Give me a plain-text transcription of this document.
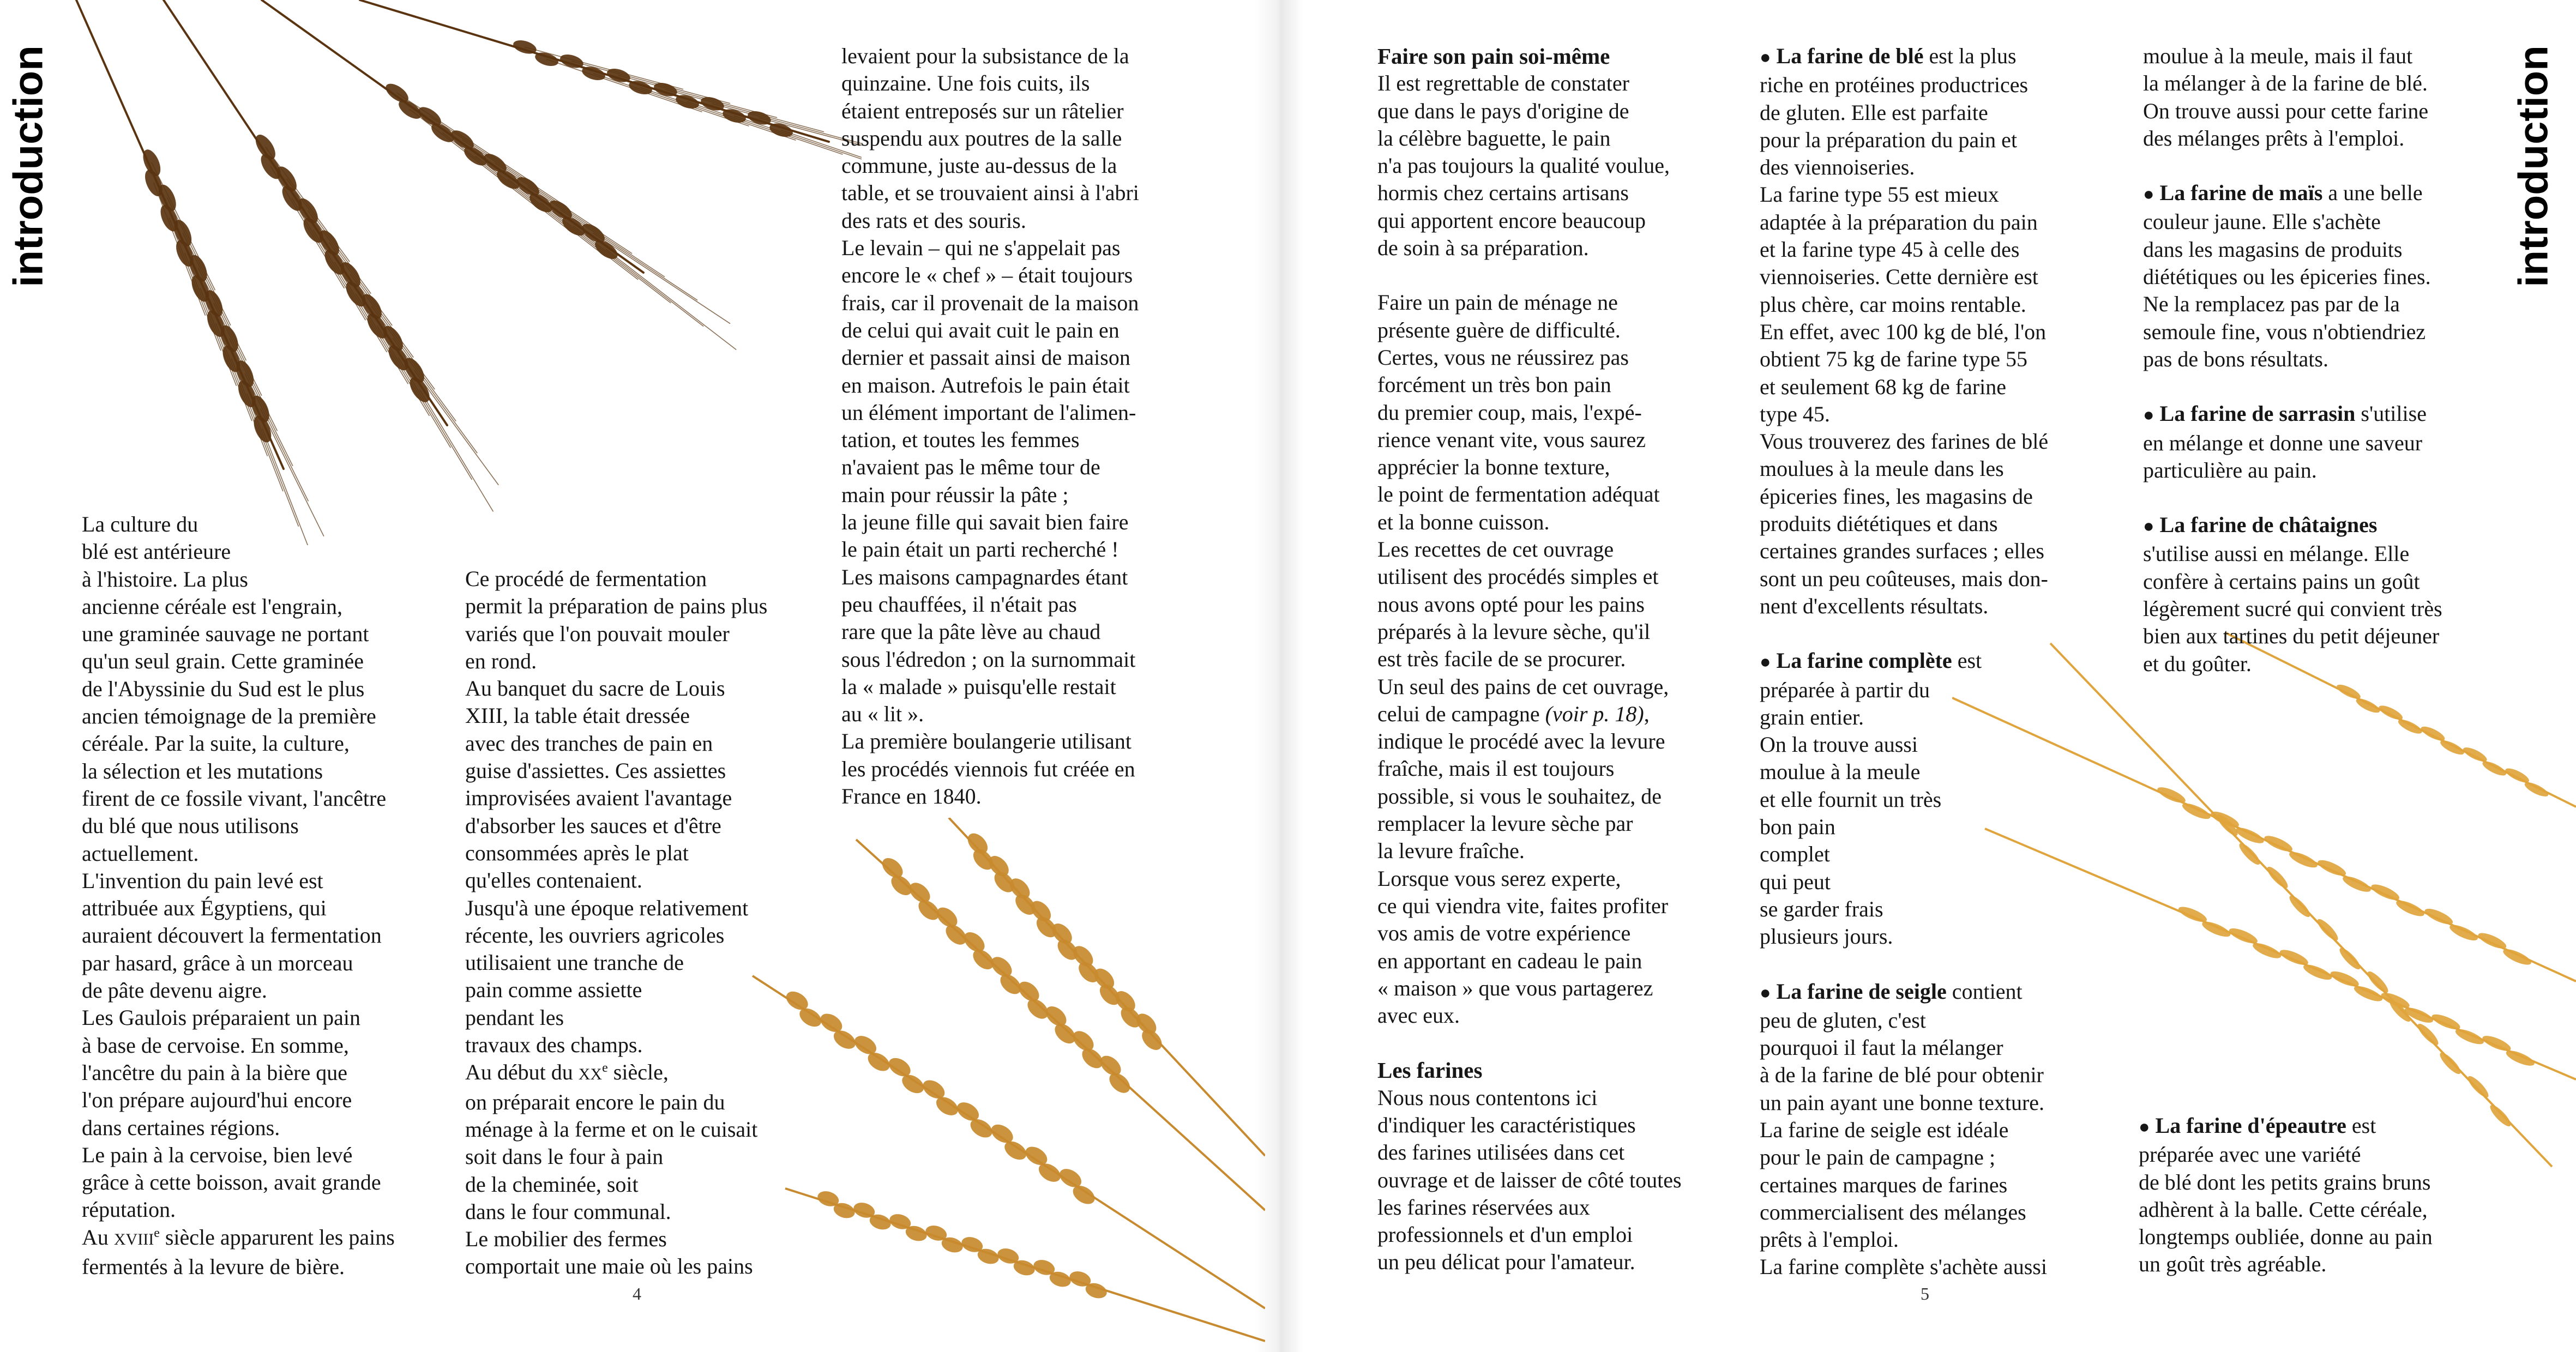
introduction	introduction

La culture du

blé est antérieure

à l'histoire. La plus

ancienne céréale est l'engrain,

une graminée sauvage ne portant

qu'un seul grain. Cette graminée

de l'Abyssinie du Sud est le plus

ancien témoignage de la première

céréale. Par la suite, la culture,

la sélection et les mutations

firent de ce fossile vivant, l'ancêtre

du blé que nous utilisons

actuellement.

L'invention du pain levé est

attribuée aux Égyptiens, qui

auraient découvert la fermentation

par hasard, grâce à un morceau

de pâte devenu aigre.

Les Gaulois préparaient un pain

à base de cervoise. En somme,

l'ancêtre du pain à la bière que

l'on prépare aujourd'hui encore

dans certaines régions.

Le pain à la cervoise, bien levé

grâce à cette boisson, avait grande

réputation.

Au XVIIIe siècle apparurent les pains

fermentés à la levure de bière.

Ce procédé de fermentation

permit la préparation de pains plus

variés que l'on pouvait mouler

en rond.

Au banquet du sacre de Louis

XIII, la table était dressée

avec des tranches de pain en

guise d'assiettes. Ces assiettes

improvisées avaient l'avantage

d'absorber les sauces et d'être

consommées après le plat

qu'elles contenaient.

Jusqu'à une époque relativement

récente, les ouvriers agricoles

utilisaient une tranche de

pain comme assiette

pendant les

travaux des champs.

Au début du XXe siècle,

on préparait encore le pain du

ménage à la ferme et on le cuisait

soit dans le four à pain

de la cheminée, soit

dans le four communal.

Le mobilier des fermes

comportait une maie où les pains

levaient pour la subsistance de la

quinzaine. Une fois cuits, ils

étaient entreposés sur un râtelier

suspendu aux poutres de la salle

commune, juste au-dessus de la

table, et se trouvaient ainsi à l'abri

des rats et des souris.

Le levain – qui ne s'appelait pas

encore le « chef » – était toujours

frais, car il provenait de la maison

de celui qui avait cuit le pain en

dernier et passait ainsi de maison

en maison. Autrefois le pain était

un élément important de l'alimen-

tation, et toutes les femmes

n'avaient pas le même tour de

main pour réussir la pâte ;

la jeune fille qui savait bien faire

le pain était un parti recherché !

Les maisons campagnardes étant

peu chauffées, il n'était pas

rare que la pâte lève au chaud

sous l'édredon ; on la surnommait

la « malade » puisqu'elle restait

au « lit ».

La première boulangerie utilisant

les procédés viennois fut créée en

France en 1840.

4
Faire son pain soi-même

Il est regrettable de constater

que dans le pays d'origine de

la célèbre baguette, le pain

n'a pas toujours la qualité voulue,

hormis chez certains artisans

qui apportent encore beaucoup

de soin à sa préparation.

Faire un pain de ménage ne

présente guère de difficulté.

Certes, vous ne réussirez pas

forcément un très bon pain

du premier coup, mais, l'expé-

rience venant vite, vous saurez

apprécier la bonne texture,

le point de fermentation adéquat

et la bonne cuisson.

Les recettes de cet ouvrage

utilisent des procédés simples et

nous avons opté pour les pains

préparés à la levure sèche, qu'il

est très facile de se procurer.

Un seul des pains de cet ouvrage,

celui de campagne (voir p. 18),

indique le procédé avec la levure

fraîche, mais il est toujours

possible, si vous le souhaitez, de

remplacer la levure sèche par

la levure fraîche.

Lorsque vous serez experte,

ce qui viendra vite, faites profiter

vos amis de votre expérience

en apportant en cadeau le pain

« maison » que vous partagerez

avec eux.

Les farines

Nous nous contentons ici

d'indiquer les caractéristiques

des farines utilisées dans cet

ouvrage et de laisser de côté toutes

les farines réservées aux

professionnels et d'un emploi

un peu délicat pour l'amateur.

● La farine de blé est la plus

riche en protéines productrices

de gluten. Elle est parfaite

pour la préparation du pain et

des viennoiseries.

La farine type 55 est mieux

adaptée à la préparation du pain

et la farine type 45 à celle des

viennoiseries. Cette dernière est

plus chère, car moins rentable.

En effet, avec 100 kg de blé, l'on

obtient 75 kg de farine type 55

et seulement 68 kg de farine

type 45.

Vous trouverez des farines de blé

moulues à la meule dans les

épiceries fines, les magasins de

produits diététiques et dans

certaines grandes surfaces ; elles

sont un peu coûteuses, mais don-

nent d'excellents résultats.

● La farine complète est

préparée à partir du

grain entier.

On la trouve aussi

moulue à la meule

et elle fournit un très

bon pain

complet

qui peut

se garder frais

plusieurs jours.

● La farine de seigle contient

peu de gluten, c'est

pourquoi il faut la mélanger

à de la farine de blé pour obtenir

un pain ayant une bonne texture.

La farine de seigle est idéale

pour le pain de campagne ;

certaines marques de farines

commercialisent des mélanges

prêts à l'emploi.

La farine complète s'achète aussi

moulue à la meule, mais il faut

la mélanger à de la farine de blé.

On trouve aussi pour cette farine

des mélanges prêts à l'emploi.

● La farine de maïs a une belle

couleur jaune. Elle s'achète

dans les magasins de produits

diététiques ou les épiceries fines.

Ne la remplacez pas par de la

semoule fine, vous n'obtiendriez

pas de bons résultats.

● La farine de sarrasin s'utilise

en mélange et donne une saveur

particulière au pain.

● La farine de châtaignes

s'utilise aussi en mélange. Elle

confère à certains pains un goût

légèrement sucré qui convient très

bien aux tartines du petit déjeuner

et du goûter.

● La farine d'épeautre est

préparée avec une variété

de blé dont les petits grains bruns

adhèrent à la balle. Cette céréale,

longtemps oubliée, donne au pain

un goût très agréable.

5
